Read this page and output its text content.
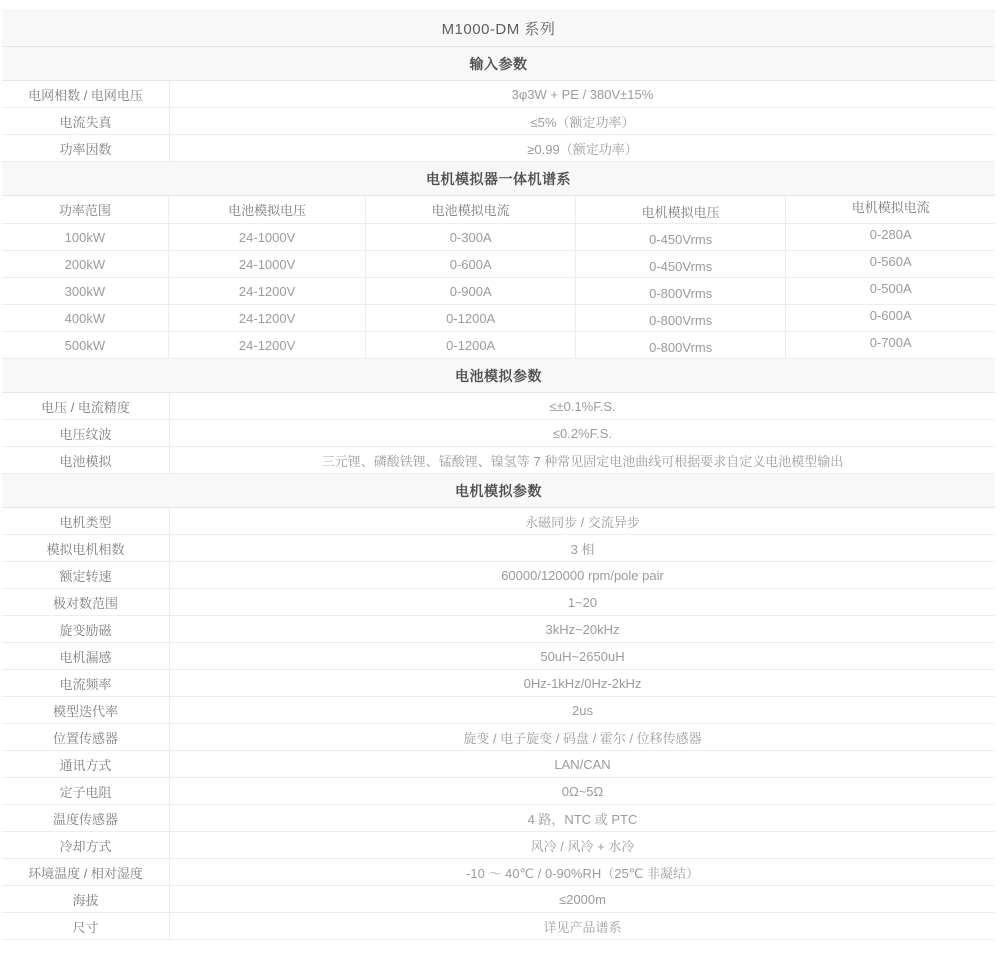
M1000-DM 系列
输入参数
电网相数 / 电网电压	3φ3W + PE / 380V±15%
电流失真	≤5%（额定功率）
功率因数	≥0.99（额定功率）
电机模拟器一体机谱系
功率范围	电池模拟电压	电池模拟电流	电机模拟电压	电机模拟电流
100kW	24-1000V	0-300A	0-450Vrms	0-280A
200kW	24-1000V	0-600A	0-450Vrms	0-560A
300kW	24-1200V	0-900A	0-800Vrms	0-500A
400kW	24-1200V	0-1200A	0-800Vrms	0-600A
500kW	24-1200V	0-1200A	0-800Vrms	0-700A
电池模拟参数
电压 / 电流精度	≤±0.1%F.S.
电压纹波	≤0.2%F.S.
电池模拟	三元锂、磷酸铁锂、锰酸锂、镍氢等 7 种常见固定电池曲线可根据要求自定义电池模型输出
电机模拟参数
电机类型	永磁同步 / 交流异步
模拟电机相数	3 相
额定转速	60000/120000 rpm/pole pair
极对数范围	1~20
旋变励磁	3kHz~20kHz
电机漏感	50uH~2650uH
电流频率	0Hz-1kHz/0Hz-2kHz
模型迭代率	2us
位置传感器	旋变 / 电子旋变 / 码盘 / 霍尔 / 位移传感器
通讯方式	LAN/CAN
定子电阻	0Ω~5Ω
温度传感器	4 路，NTC 或 PTC
冷却方式	风冷 / 风冷 + 水冷
环境温度 / 相对湿度	-10 ～ 40℃ / 0-90%RH（25℃ 非凝结）
海拔	≤2000m
尺寸	详见产品谱系
